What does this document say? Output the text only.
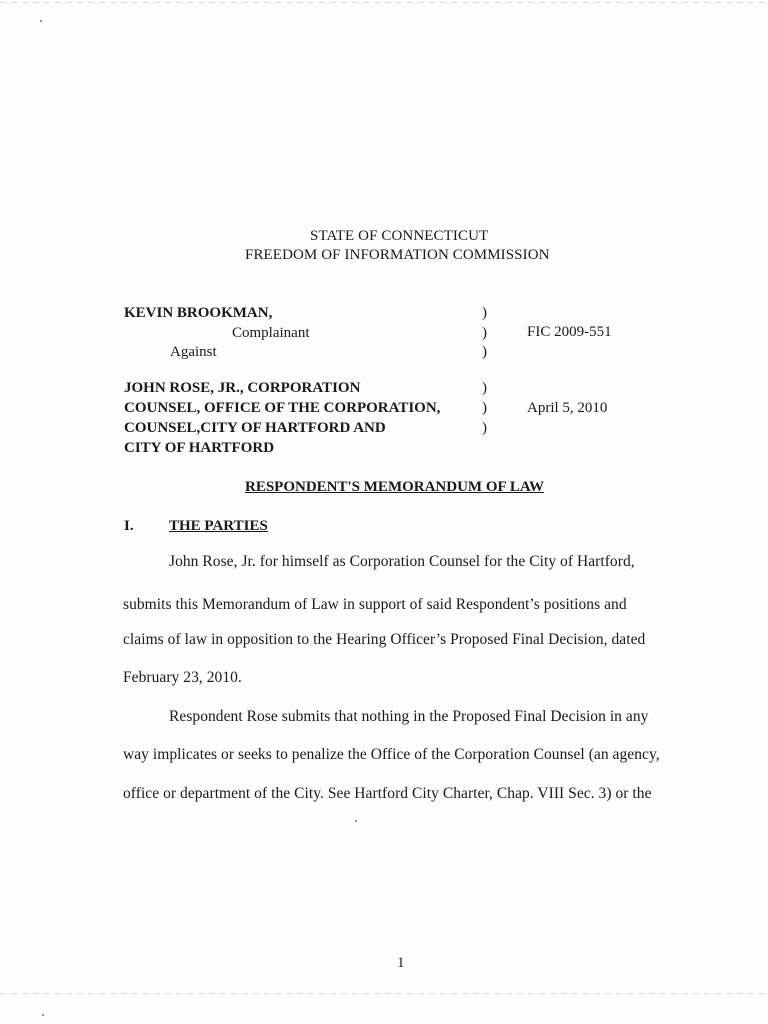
STATE OF CONNECTICUT
FREEDOM OF INFORMATION COMMISSION
KEVIN BROOKMAN,
Complainant
Against
)
)
)
FIC 2009-551
JOHN ROSE, JR., CORPORATION
COUNSEL, OFFICE OF THE CORPORATION,
COUNSEL,CITY OF HARTFORD AND
CITY OF HARTFORD
)
)
)
April 5, 2010
RESPONDENT'S MEMORANDUM OF LAW
I. THE PARTIES
John Rose, Jr. for himself as Corporation Counsel for the City of Hartford,
submits this Memorandum of Law in support of said Respondent’s positions and
claims of law in opposition to the Hearing Officer’s Proposed Final Decision, dated
February 23, 2010.
Respondent Rose submits that nothing in the Proposed Final Decision in any
way implicates or seeks to penalize the Office of the Corporation Counsel (an agency,
office or department of the City. See Hartford City Charter, Chap. VIII Sec. 3) or the
1
